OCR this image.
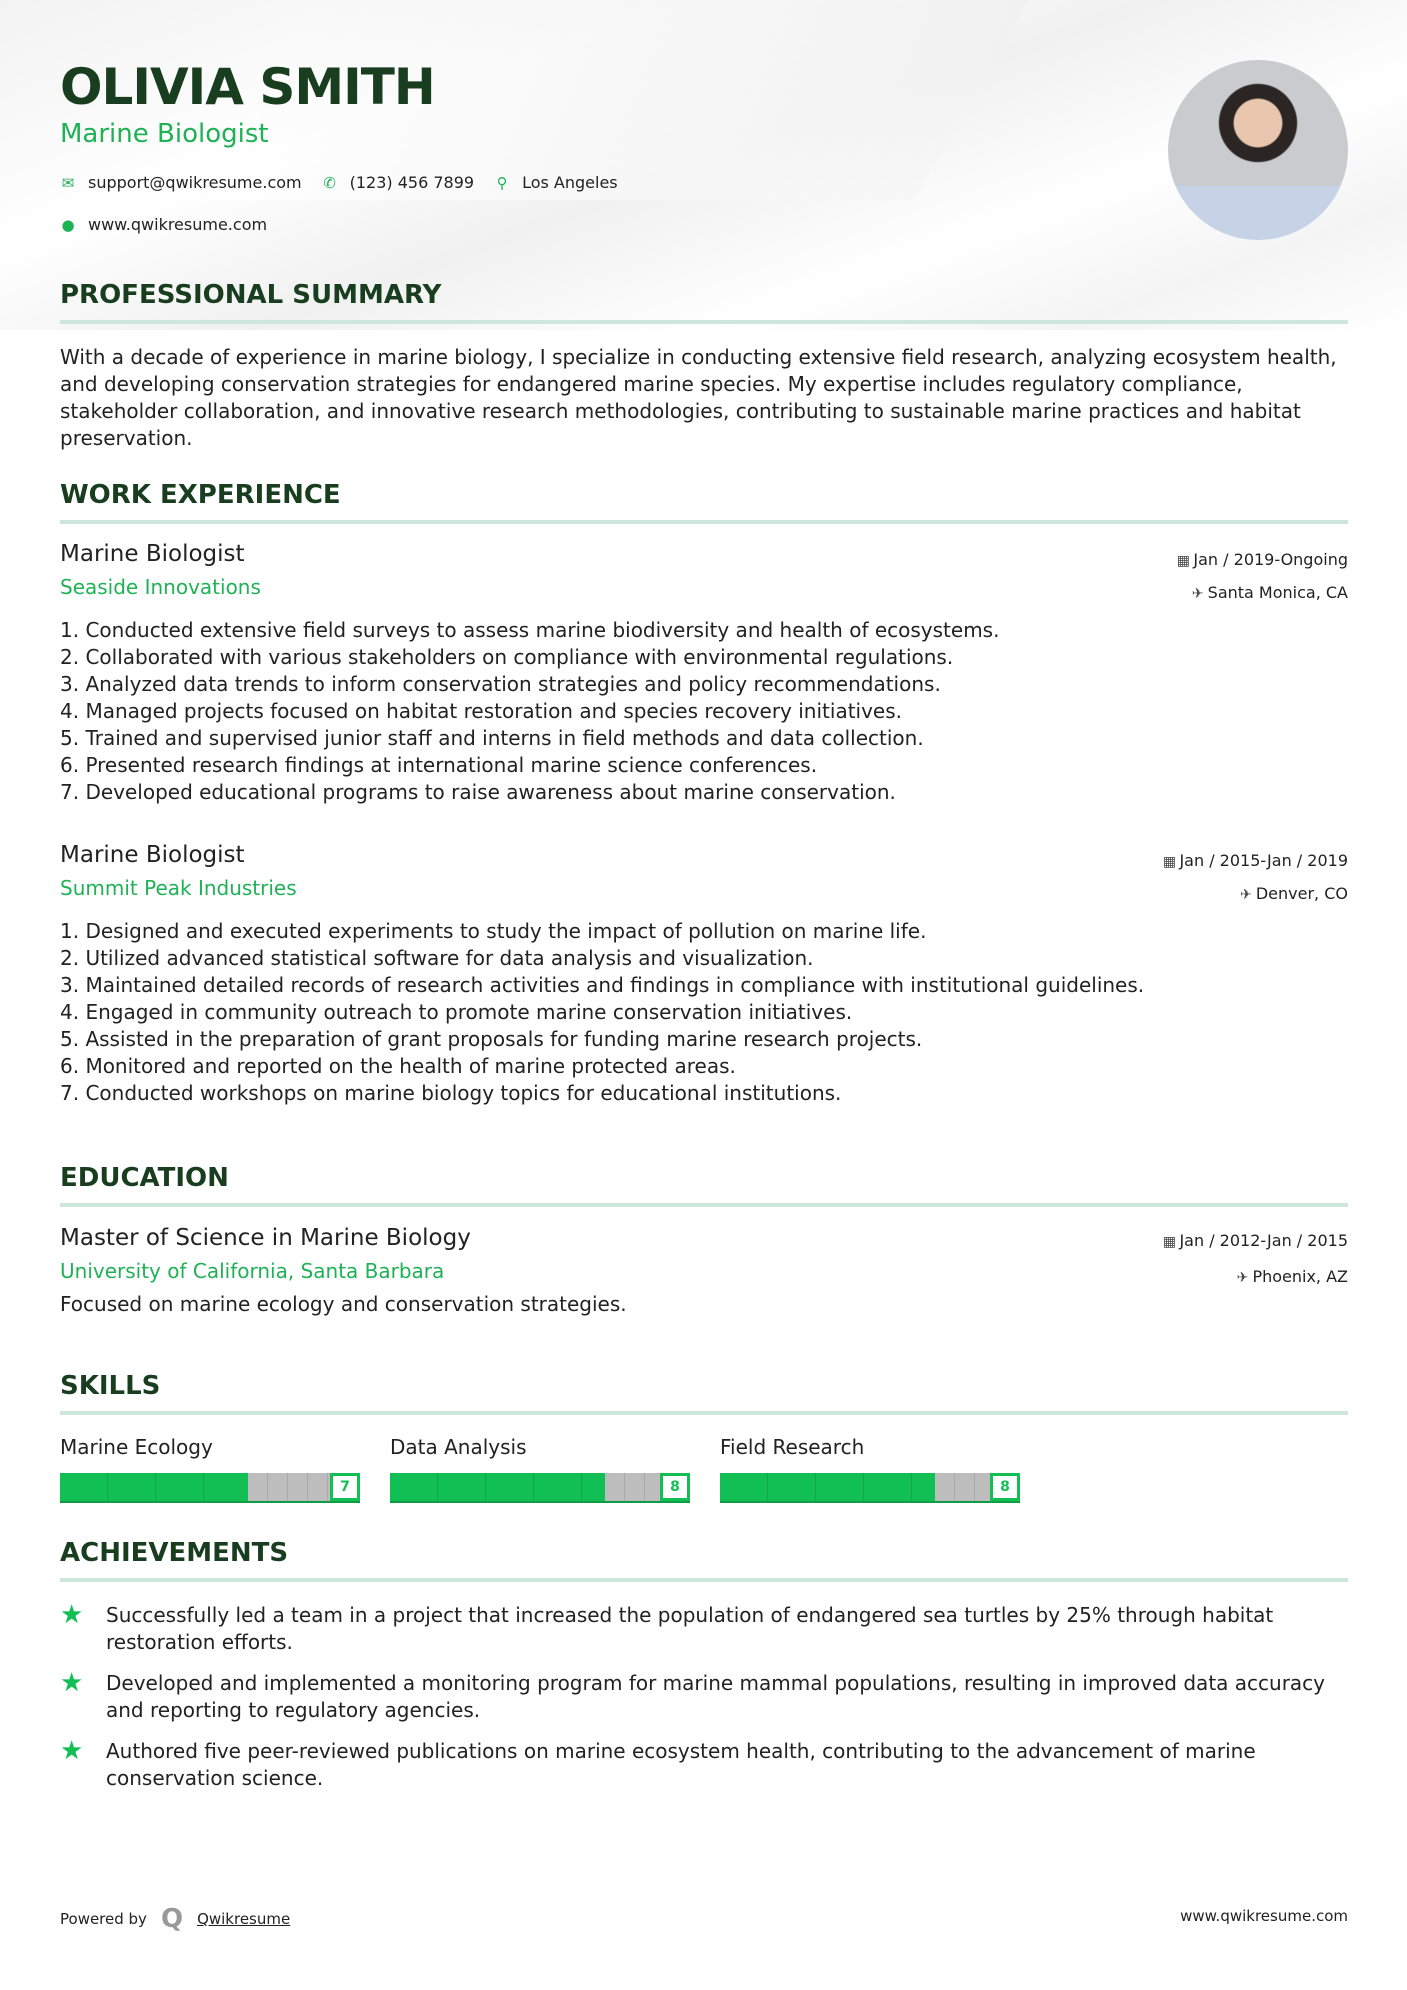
OLIVIA SMITH
Marine Biologist
✉ support@qwikresume.com ✆ (123) 456 7899	⚲ Los Angeles
● www.qwikresume.com
PROFESSIONAL SUMMARY

With a decade of experience in marine biology, I specialize in conducting extensive field research, analyzing ecosystem health, and developing conservation strategies for endangered marine species. My expertise includes regulatory compliance, stakeholder collaboration, and innovative research methodologies, contributing to sustainable marine practices and habitat preservation.

WORK EXPERIENCE
Marine Biologist
Seaside Innovations
▦ Jan / 2019-Ongoing
✈ Santa Monica, CA
1. Conducted extensive field surveys to assess marine biodiversity and health of ecosystems.
2. Collaborated with various stakeholders on compliance with environmental regulations.
3. Analyzed data trends to inform conservation strategies and policy recommendations.
4. Managed projects focused on habitat restoration and species recovery initiatives.
5. Trained and supervised junior staff and interns in field methods and data collection.
6. Presented research findings at international marine science conferences.
7. Developed educational programs to raise awareness about marine conservation.
Marine Biologist
Summit Peak Industries
▦ Jan / 2015-Jan / 2019
✈ Denver, CO
1. Designed and executed experiments to study the impact of pollution on marine life.
2. Utilized advanced statistical software for data analysis and visualization.
3. Maintained detailed records of research activities and findings in compliance with institutional guidelines.
4. Engaged in community outreach to promote marine conservation initiatives.
5. Assisted in the preparation of grant proposals for funding marine research projects.
6. Monitored and reported on the health of marine protected areas.
7. Conducted workshops on marine biology topics for educational institutions.
EDUCATION
Master of Science in Marine Biology
University of California, Santa Barbara
▦ Jan / 2012-Jan / 2015
✈ Phoenix, AZ

Focused on marine ecology and conservation strategies.

SKILLS
Marine Ecology
7
Data Analysis
8
Field Research
8
ACHIEVEMENTS
★	Successfully led a team in a project that increased the population of endangered sea turtles by 25% through habitat restoration efforts.
★	Developed and implemented a monitoring program for marine mammal populations, resulting in improved data accuracy and reporting to regulatory agencies.
★	Authored five peer-reviewed publications on marine ecosystem health, contributing to the advancement of marine conservation science.
Powered by Q Qwikresume	www.qwikresume.com
